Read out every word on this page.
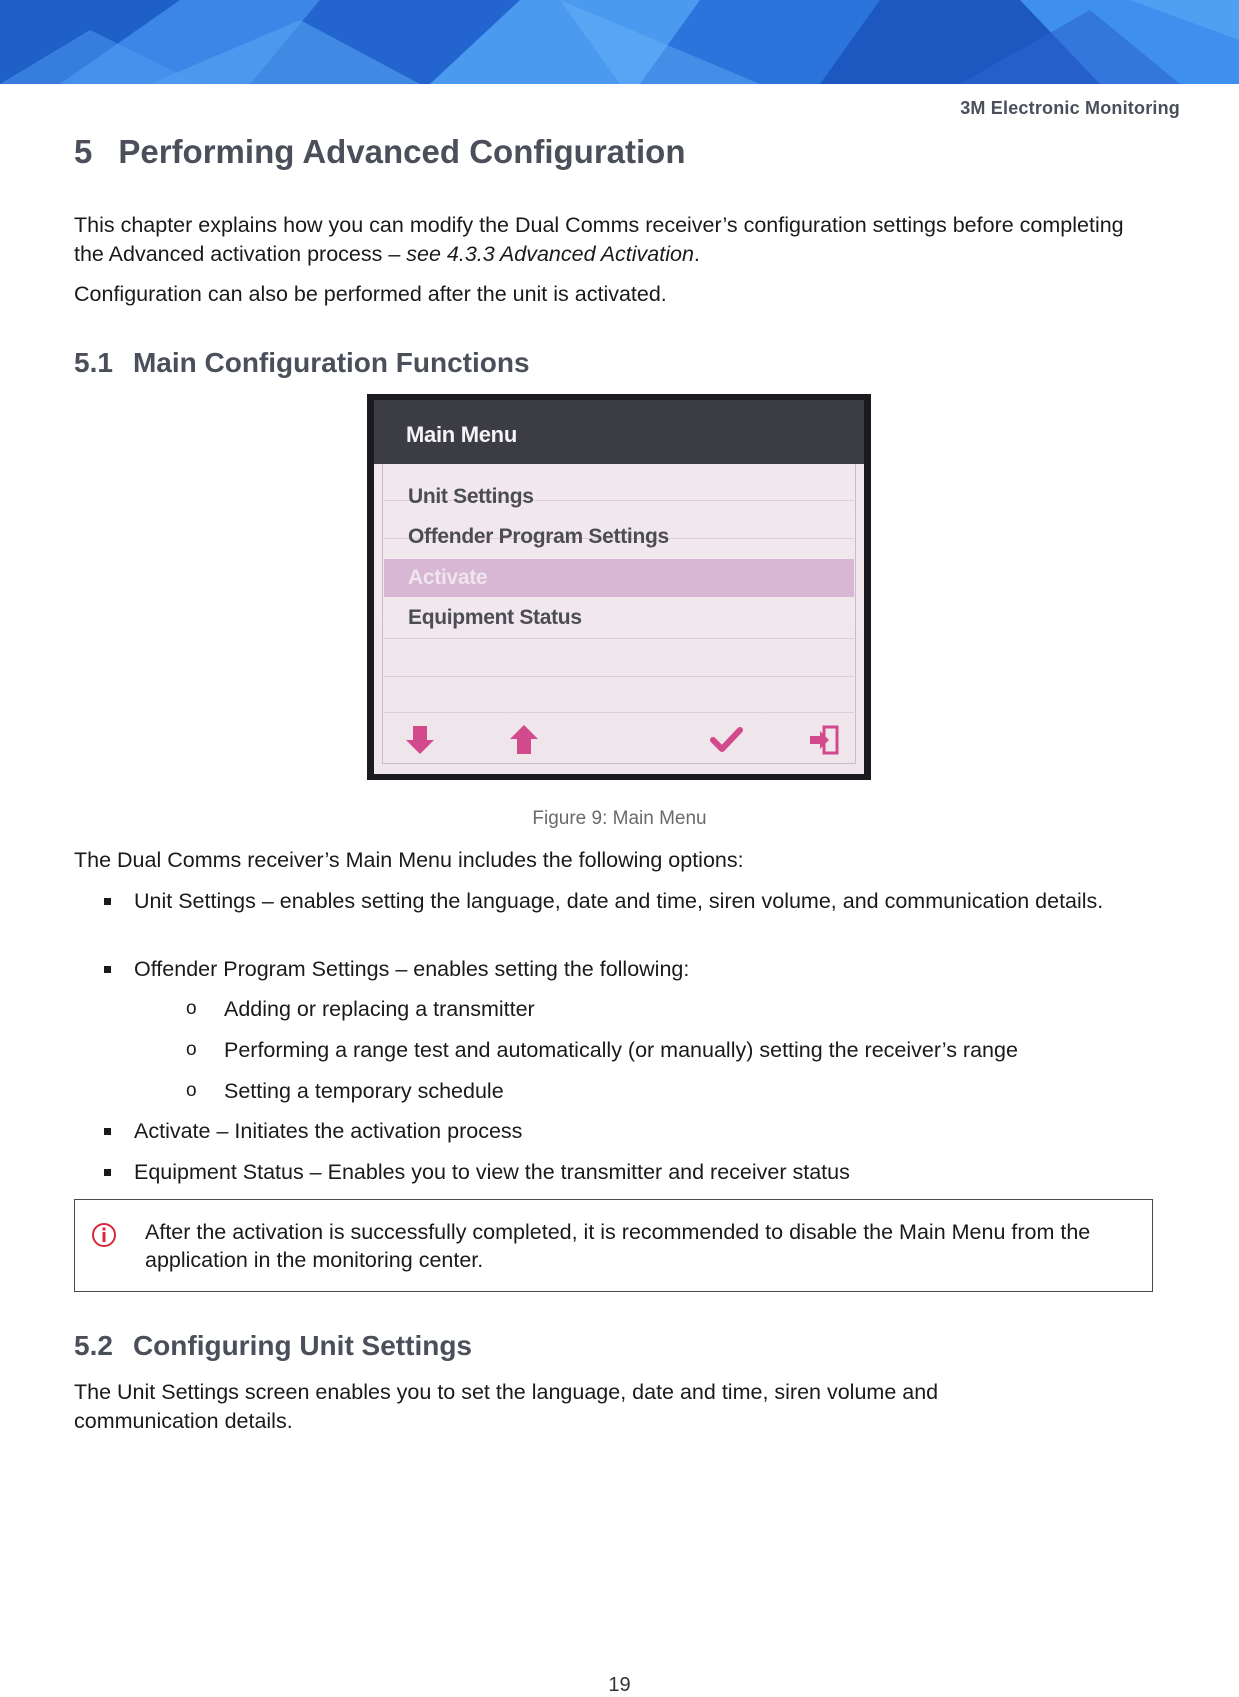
3M Electronic Monitoring
5 Performing Advanced Configuration

This chapter explains how you can modify the Dual Comms receiver’s configuration settings before completing the Advanced activation process – see 4.3.3 Advanced Activation.

Configuration can also be performed after the unit is activated.

5.1 Main Configuration Functions
Main Menu
Unit Settings
Offender Program Settings
Activate
Equipment Status
Figure 9: Main Menu

The Dual Comms receiver’s Main Menu includes the following options:

Unit Settings – enables setting the language, date and time, siren volume, and communication details.
Offender Program Settings – enables setting the following:
o Adding or replacing a transmitter
o Performing a range test and automatically (or manually) setting the receiver’s range
o Setting a temporary schedule
Activate – Initiates the activation process
Equipment Status – Enables you to view the transmitter and receiver status
After the activation is successfully completed, it is recommended to disable the Main Menu from the application in the monitoring center.
5.2 Configuring Unit Settings

The Unit Settings screen enables you to set the language, date and time, siren volume and communication details.

19
